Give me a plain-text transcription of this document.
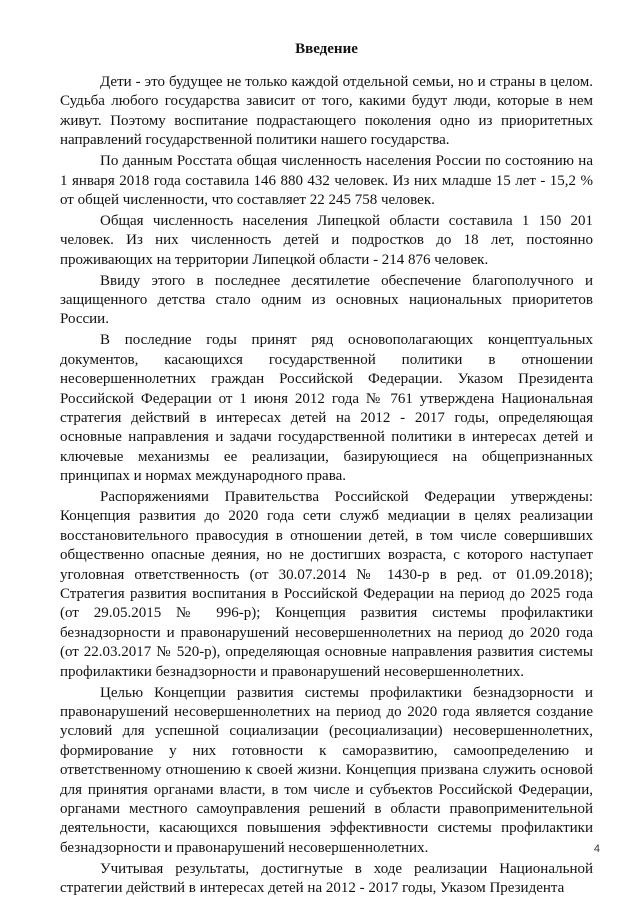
Введение

Дети - это будущее не только каждой отдельной семьи, но и страны в целом. Судьба любого государства зависит от того, какими будут люди, которые в нем живут. Поэтому воспитание подрастающего поколения одно из приоритетных направлений государственной политики нашего государства.

По данным Росстата общая численность населения России по состоянию на 1 января 2018 года составила 146 880 432 человек. Из них младше 15 лет - 15,2 % от общей численности, что составляет 22 245 758 человек.

Общая численность населения Липецкой области составила 1 150 201 человек. Из них численность детей и подростков до 18 лет, постоянно проживающих на территории Липецкой области - 214 876 человек.

Ввиду этого в последнее десятилетие обеспечение благополучного и защищенного детства стало одним из основных национальных приоритетов России.

В последние годы принят ряд основополагающих концептуальных документов, касающихся государственной политики в отношении несовершеннолетних граждан Российской Федерации. Указом Президента Российской Федерации от 1 июня 2012 года № 761 утверждена Национальная стратегия действий в интересах детей на 2012 - 2017 годы, определяющая основные направления и задачи государственной политики в интересах детей и ключевые механизмы ее реализации, базирующиеся на общепризнанных принципах и нормах международного права.

Распоряжениями Правительства Российской Федерации утверждены: Концепция развития до 2020 года сети служб медиации в целях реализации восстановительного правосудия в отношении детей, в том числе совершивших общественно опасные деяния, но не достигших возраста, с которого наступает уголовная ответственность (от 30.07.2014 № 1430-р в ред. от 01.09.2018); Стратегия развития воспитания в Российской Федерации на период до 2025 года (от 29.05.2015 № 996-р); Концепция развития системы профилактики безнадзорности и правонарушений несовершеннолетних на период до 2020 года (от 22.03.2017 № 520-р), определяющая основные направления развития системы профилактики безнадзорности и правонарушений несовершеннолетних.

Целью Концепции развития системы профилактики безнадзорности и правонарушений несовершеннолетних на период до 2020 года является создание условий для успешной социализации (ресоциализации) несовершеннолетних, формирование у них готовности к саморазвитию, самоопределению и ответственному отношению к своей жизни. Концепция призвана служить основой для принятия органами власти, в том числе и субъектов Российской Федерации, органами местного самоуправления решений в области правоприменительной деятельности, касающихся повышения эффективности системы профилактики безнадзорности и правонарушений несовершеннолетних.

Учитывая результаты, достигнутые в ходе реализации Национальной стратегии действий в интересах детей на 2012 - 2017 годы, Указом Президента

4
